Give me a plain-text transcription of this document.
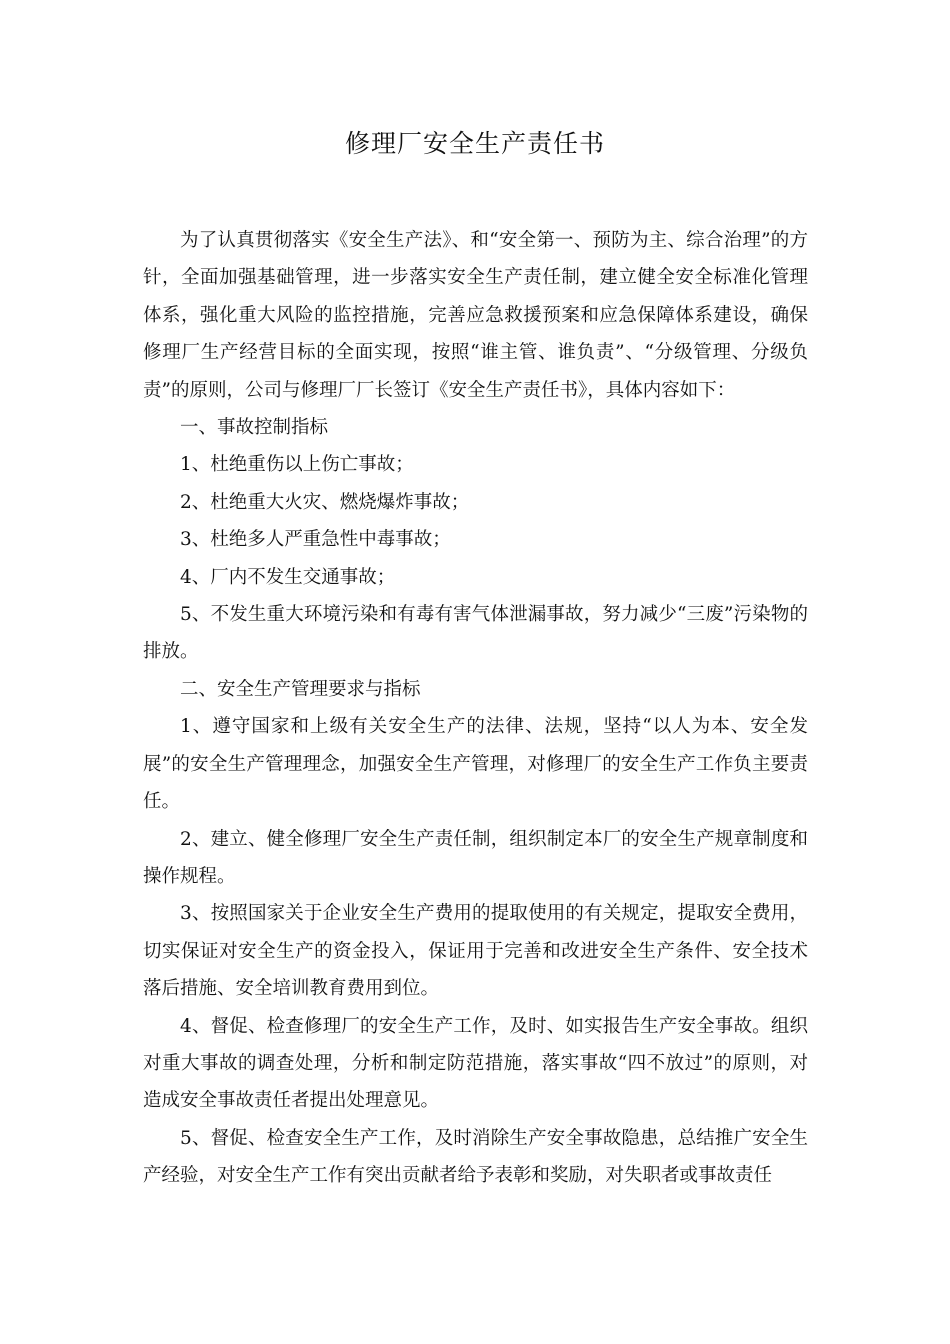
修理厂安全生产责任书

为了认真贯彻落实《安全生产法》、和“安全第一、预防为主、综合治理”的方针，全面加强基础管理，进一步落实安全生产责任制，建立健全安全标准化管理体系，强化重大风险的监控措施，完善应急救援预案和应急保障体系建设，确保修理厂生产经营目标的全面实现，按照“谁主管、谁负责”、“分级管理、分级负责”的原则，公司与修理厂厂长签订《安全生产责任书》，具体内容如下：

一、事故控制指标

1、杜绝重伤以上伤亡事故；

2、杜绝重大火灾、燃烧爆炸事故；

3、杜绝多人严重急性中毒事故；

4、厂内不发生交通事故；

5、不发生重大环境污染和有毒有害气体泄漏事故，努力减少“三废”污染物的排放。

二、安全生产管理要求与指标

1、遵守国家和上级有关安全生产的法律、法规，坚持“以人为本、安全发展”的安全生产管理理念，加强安全生产管理，对修理厂的安全生产工作负主要责任。

2、建立、健全修理厂安全生产责任制，组织制定本厂的安全生产规章制度和操作规程。

3、按照国家关于企业安全生产费用的提取使用的有关规定，提取安全费用，切实保证对安全生产的资金投入，保证用于完善和改进安全生产条件、安全技术落后措施、安全培训教育费用到位。

4、督促、检查修理厂的安全生产工作，及时、如实报告生产安全事故。组织对重大事故的调查处理，分析和制定防范措施，落实事故“四不放过”的原则，对造成安全事故责任者提出处理意见。

5、督促、检查安全生产工作，及时消除生产安全事故隐患，总结推广安全生产经验，对安全生产工作有突出贡献者给予表彰和奖励，对失职者或事故责任
